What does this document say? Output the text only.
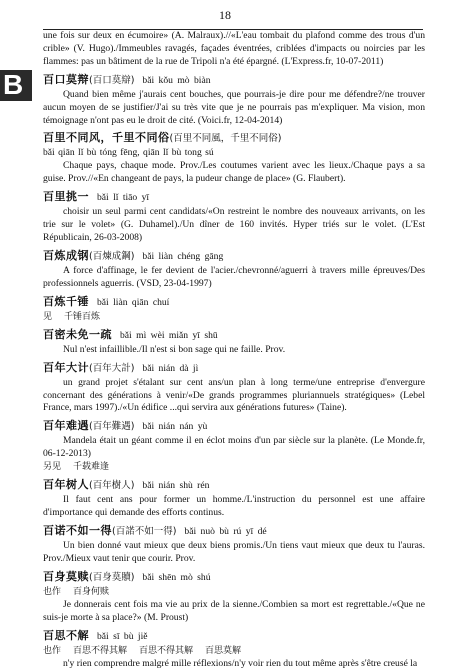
18
B

une fois sur deux en écumoire» (A. Malraux).//«L'eau tombait du plafond comme des trous d'un crible» (V. Hugo)./Immeubles ravagés, façades éventrées, criblées d'impacts ou noircies par les flammes: pas un bâtiment de la rue de Tripoli n'a été épargné. (L'Express.fr, 10-07-2011)

百口莫辩(百口莫辯) bǎi kǒu mò biàn

Quand bien même j'aurais cent bouches, que pourrais-je dire pour me défendre?/ne trouver aucun moyen de se justifier/J'ai su très vite que je ne pourrais pas m'expliquer. Ma vision, mon témoignage n'ont pas eu le droit de cité. (Voici.fr, 12-04-2014)

百里不同风，千里不同俗(百里不同風，千里不同俗)

bǎi qiān lǐ bù tóng fēng, qiān lǐ bù tong sú

Chaque pays, chaque mode. Prov./Les coutumes varient avec les lieux./Chaque pays a sa guise. Prov.//«En changeant de pays, la pudeur change de place» (G. Flaubert).

百里挑一 bǎi lǐ tiāo yī

choisir un seul parmi cent candidats/«On restreint le nombre des nouveaux arrivants, on les trie sur le volet» (G. Duhamel)./Un dîner de 160 invités. Hyper triés sur le volet. (L'Est Républicain, 26-03-2008)

百炼成钢(百煉成鋼) bǎi liàn chéng gāng

A force d'affinage, le fer devient de l'acier./chevronné/aguerri à travers mille épreuves/Des professionnels aguerris. (VSD, 23-04-1997)

百炼千锤 bǎi liàn qiān chuí

见 千锤百炼

百密未免一疏 bǎi mì wèi miǎn yī shū

Nul n'est infaillible./Il n'est si bon sage qui ne faille. Prov.

百年大计(百年大計) bǎi nián dà jì

un grand projet s'étalant sur cent ans/un plan à long terme/une entreprise d'envergure concernant des générations à venir/«De grands programmes pluriannuels stratégiques» (Lebel France, mars 1997)./«Un édifice ...qui servira aux générations futures» (Taine).

百年难遇(百年難遇) bǎi nián nán yù

Mandela était un géant comme il en éclot moins d'un par siècle sur la planète. (Le Monde.fr, 06-12-2013)

另见 千载难逢

百年树人(百年樹人) bǎi nián shù rén

Il faut cent ans pour former un homme./L'instruction du personnel est une affaire d'importance qui demande des efforts continus.

百诺不如一得(百諾不如一得) bǎi nuò bù rú yī dé

Un bien donné vaut mieux que deux biens promis./Un tiens vaut mieux que deux tu l'auras. Prov./Mieux vaut tenir que courir. Prov.

百身莫赎(百身莫贖) bǎi shēn mò shú

也作 百身何赎

Je donnerais cent fois ma vie au prix de la sienne./Combien sa mort est regrettable./«Que ne suis-je morte à sa place?» (M. Proust)

百思不解 bǎi sī bù jiě

也作 百思不得其解 百思不得其解 百思莫解

n'y rien comprendre malgré mille réflexions/n'y voir rien du tout même après s'être creusé la
